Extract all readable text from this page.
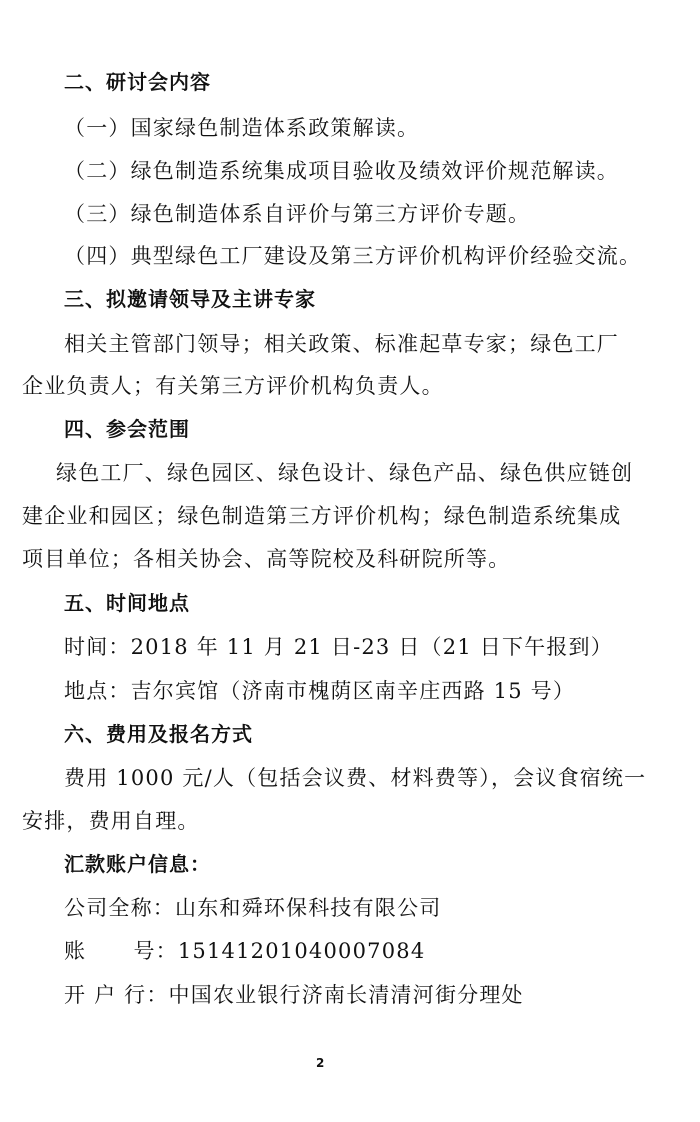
二、研讨会内容
（一）国家绿色制造体系政策解读。
（二）绿色制造系统集成项目验收及绩效评价规范解读。
（三）绿色制造体系自评价与第三方评价专题。
（四）典型绿色工厂建设及第三方评价机构评价经验交流。
三、拟邀请领导及主讲专家
相关主管部门领导；相关政策、标准起草专家；绿色工厂
企业负责人；有关第三方评价机构负责人。
四、参会范围
绿色工厂、绿色园区、绿色设计、绿色产品、绿色供应链创
建企业和园区；绿色制造第三方评价机构；绿色制造系统集成
项目单位；各相关协会、高等院校及科研院所等。
五、时间地点
时间：2018 年 11 月 21 日-23 日（21 日下午报到）
地点：吉尔宾馆（济南市槐荫区南辛庄西路 15 号）
六、费用及报名方式
费用 1000 元/人（包括会议费、材料费等），会议食宿统一
安排，费用自理。
汇款账户信息：
公司全称：山东和舜环保科技有限公司
账      号：15141201040007084
开 户 行：中国农业银行济南长清清河街分理处
2
